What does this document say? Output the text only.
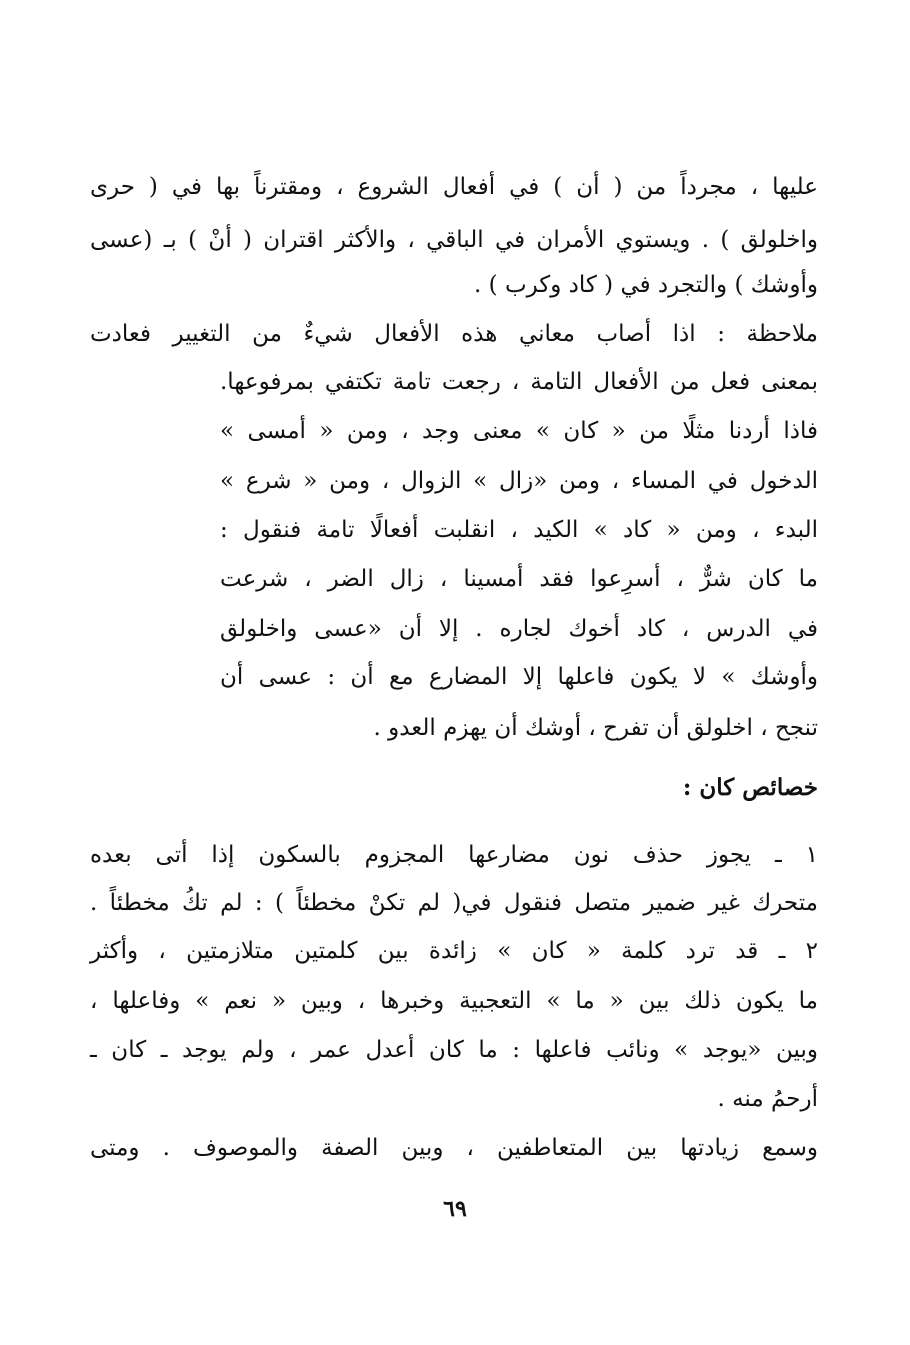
عليها ، مجرداً من ( أن ) في أفعال الشروع ، ومقترناً بها في ( حرى
واخلولق ) . ويستوي الأمران في الباقي ، والأكثر اقتران ( أنْ ) بـ (عسى
وأوشك ) والتجرد في ( كاد وكرب ) .
ملاحظة : اذا أصاب معاني هذه الأفعال شيءٌ من التغيير فعادت
بمعنى فعل من الأفعال التامة ، رجعت تامة تكتفي بمرفوعها.
فاذا أردنا مثلًا من « كان » معنى وجد ، ومن « أمسى »
الدخول في المساء ، ومن «زال » الزوال ، ومن « شرع »
البدء ، ومن « كاد » الكيد ، انقلبت أفعالًا تامة فنقول :
ما كان شرٌّ ، أسرِعوا فقد أمسينا ، زال الضر ، شرعت
في الدرس ، كاد أخوك لجاره . إلا أن «عسى واخلولق
وأوشك » لا يكون فاعلها إلا المضارع مع أن : عسى أن
تنجح ، اخلولق أن تفرح ، أوشك أن يهزم العدو .
خصائص كان :
١ ـ يجوز حذف نون مضارعها المجزوم بالسكون إذا أتى بعده
متحرك غير ضمير متصل فنقول في( لم تكنْ مخطئاً ) : لم تكُ مخطئاً .
٢ ـ قد ترد كلمة « كان » زائدة بين كلمتين متلازمتين ، وأكثر
ما يكون ذلك بين « ما » التعجبية وخبرها ، وبين « نعم » وفاعلها ،
وبين «يوجد » ونائب فاعلها : ما كان أعدل عمر ، ولم يوجد ـ كان ـ
أرحمُ منه .
وسمع زيادتها بين المتعاطفين ، وبين الصفة والموصوف . ومتى
٦٩
